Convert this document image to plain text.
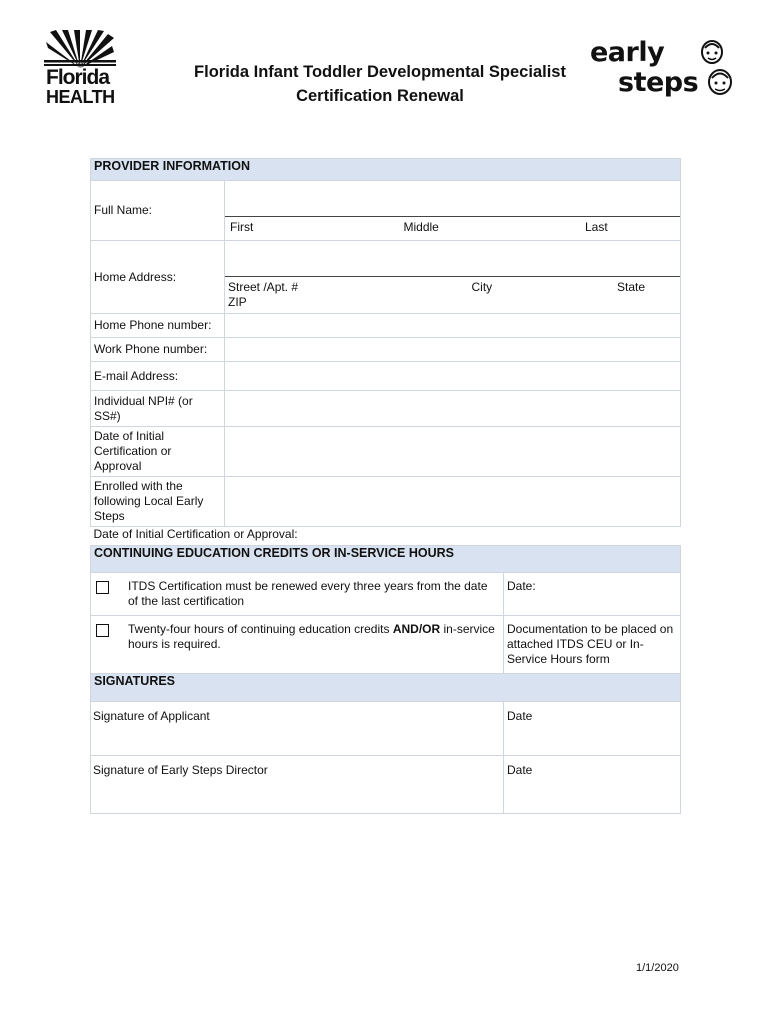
Florida
HEALTH
Florida Infant Toddler Developmental Specialist
Certification Renewal
early
steps
PROVIDER INFORMATION		
Full Name:	First Middle Last	

Home Address:	Street /Apt. # City State
ZIP	

Home Phone number:		
Work Phone number:		
E-mail Address:		
Individual NPI# (or SS#)		
Date of Initial Certification or Approval		
Enrolled with the following Local Early Steps		
Date of Initial Certification or Approval:		
CONTINUING EDUCATION CREDITS OR IN-SERVICE HOURS		

ITDS Certification must be renewed every three years from the date of the last certification		Date:

Twenty-four hours of continuing education credits AND/OR in-service hours is required.		Documentation to be placed on attached ITDS CEU or In-Service Hours form
SIGNATURES		
Signature of Applicant		Date
Signature of Early Steps Director		Date
1/1/2020
